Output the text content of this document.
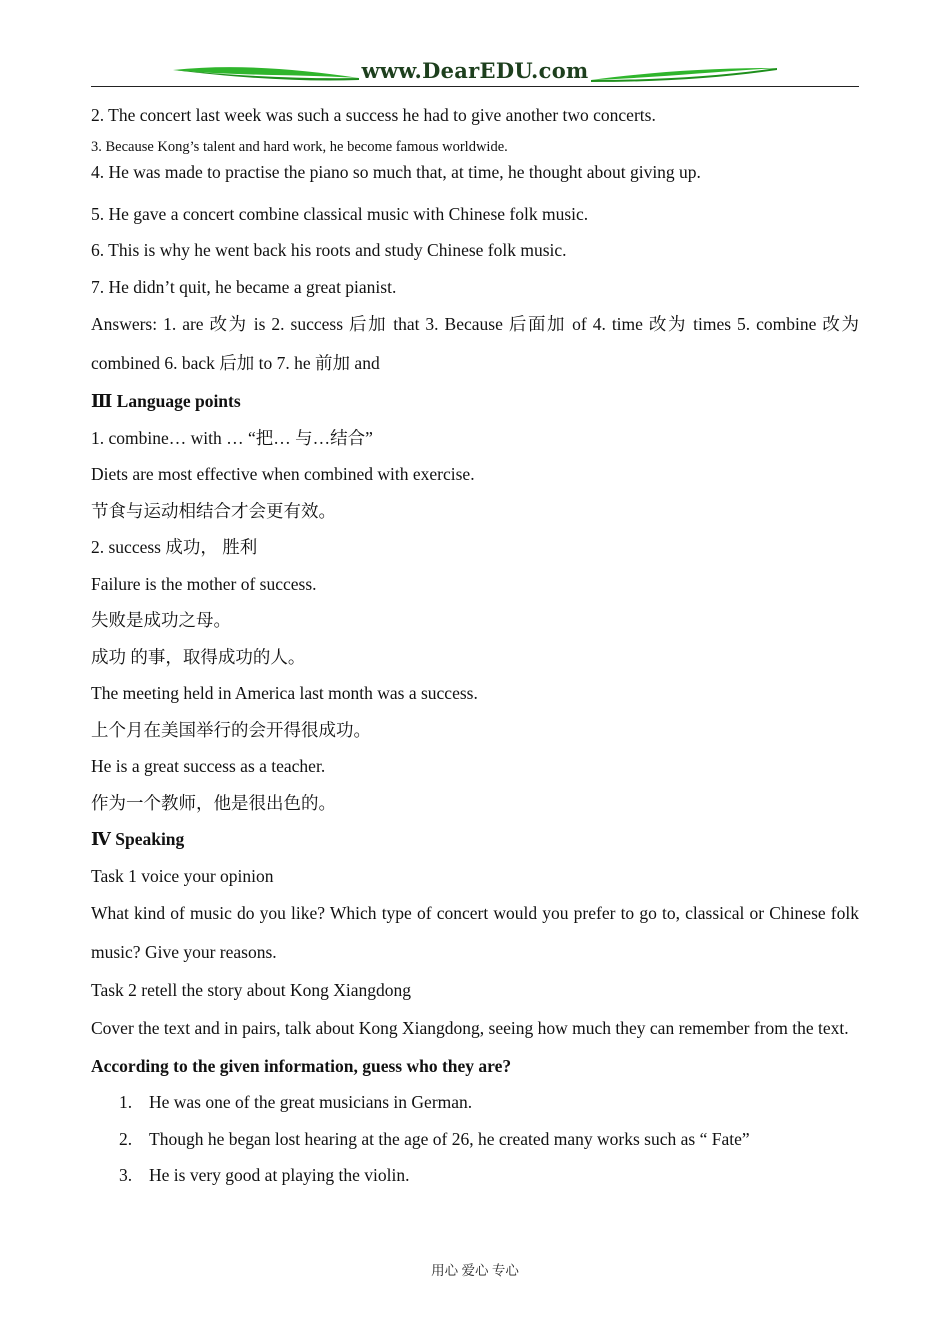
www.DearEDU.com
2. The concert last week was such a success he had to give another two concerts.
3. Because Kong’s talent and hard work, he become famous worldwide.
4. He was made to practise the piano so much that, at time, he thought about giving up.
5. He gave a concert combine classical music with Chinese folk music.
6. This is why he went back his roots and study Chinese folk music.
7. He didn’t quit, he became a great pianist.
Answers: 1. are 改为 is 2. success 后加 that 3. Because 后面加 of 4. time 改为 times 5. combine 改为 combined 6. back 后加 to 7. he 前加 and
Ⅲ Language points
1. combine… with … “把… 与…结合”
Diets are most effective when combined with exercise.
节食与运动相结合才会更有效。
2. success 成功， 胜利
Failure is the mother of success.
失败是成功之母。
成功 的事，取得成功的人。
The meeting held in America last month was a success.
上个月在美国举行的会开得很成功。
He is a great success as a teacher.
作为一个教师，他是很出色的。
Ⅳ Speaking
Task 1 voice your opinion
What kind of music do you like? Which type of concert would you prefer to go to, classical or Chinese folk music? Give your reasons.
Task 2 retell the story about Kong Xiangdong
Cover the text and in pairs, talk about Kong Xiangdong, seeing how much they can remember from the text.
According to the given information, guess who they are?
1. He was one of the great musicians in German.
2. Though he began lost hearing at the age of 26, he created many works such as “ Fate”
3. He is very good at playing the violin.
用心 爱心 专心
